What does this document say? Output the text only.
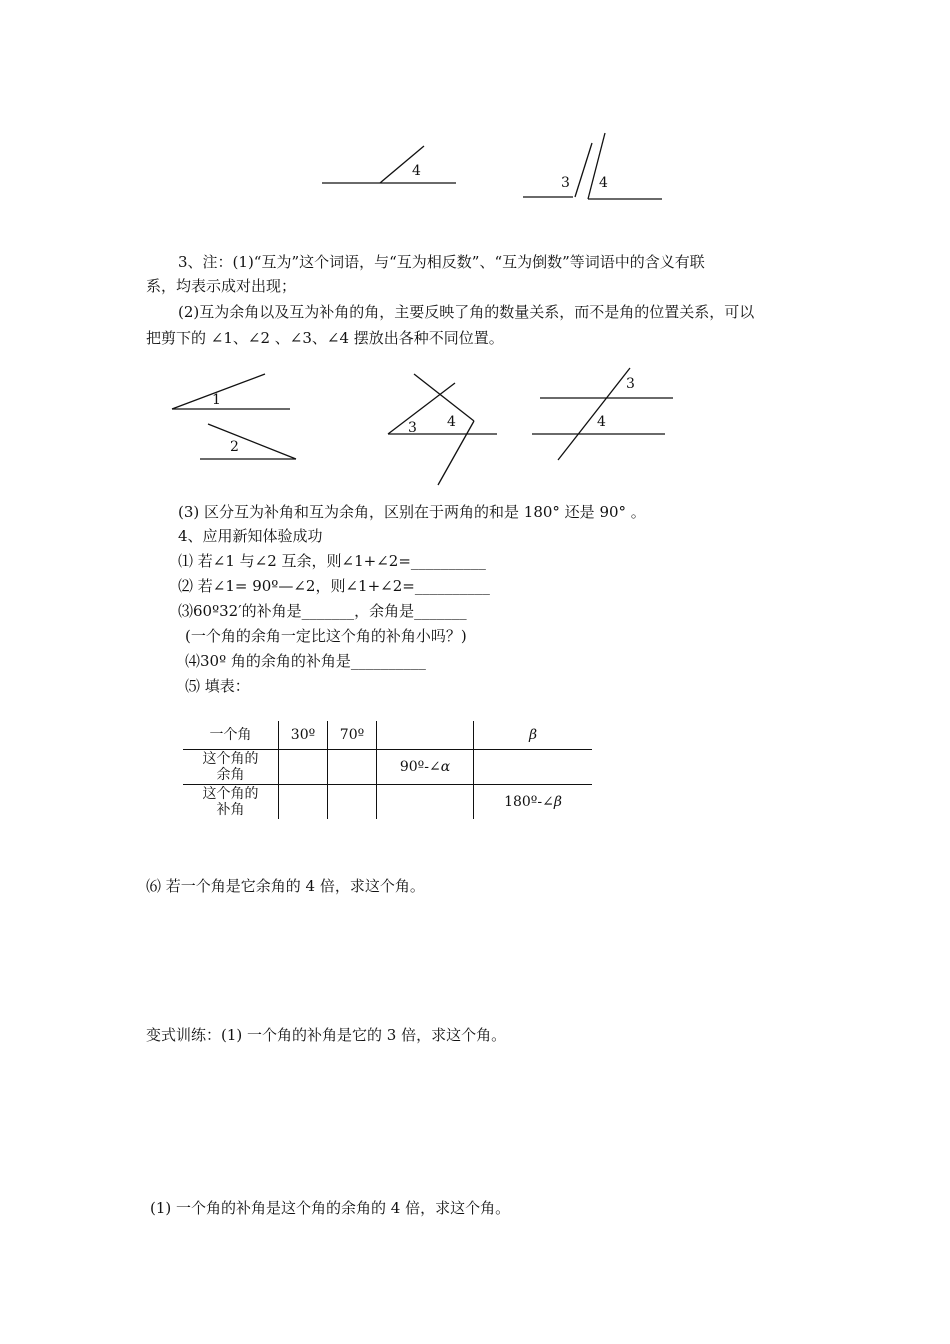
4
3 4
1
2
3 4
3
4
3、注：(1)“互为”这个词语，与“互为相反数”、“互为倒数”等词语中的含义有联
系，均表示成对出现；
(2)互为余角以及互为补角的角，主要反映了角的数量关系，而不是角的位置关系，可以
把剪下的 ∠1、∠2 、∠3、∠4 摆放出各种不同位置。
(3) 区分互为补角和互为余角，区别在于两角的和是 180° 还是 90° 。
4、应用新知体验成功
⑴ 若∠1 与∠2 互余，则∠1+∠2=__________
⑵ 若∠1= 90º—∠2，则∠1+∠2=__________
⑶60º32′的补角是_______，余角是_______
(一个角的余角一定比这个角的补角小吗？)
⑷30º 角的余角的补角是__________
⑸ 填表：
一个角	30º	70º		β

这个角的
余角			90º-∠α	

这个角的
补角				180º-∠β
⑹ 若一个角是它余角的 4 倍，求这个角。
变式训练：(1) 一个角的补角是它的 3 倍，求这个角。
(1) 一个角的补角是这个角的余角的 4 倍，求这个角。
